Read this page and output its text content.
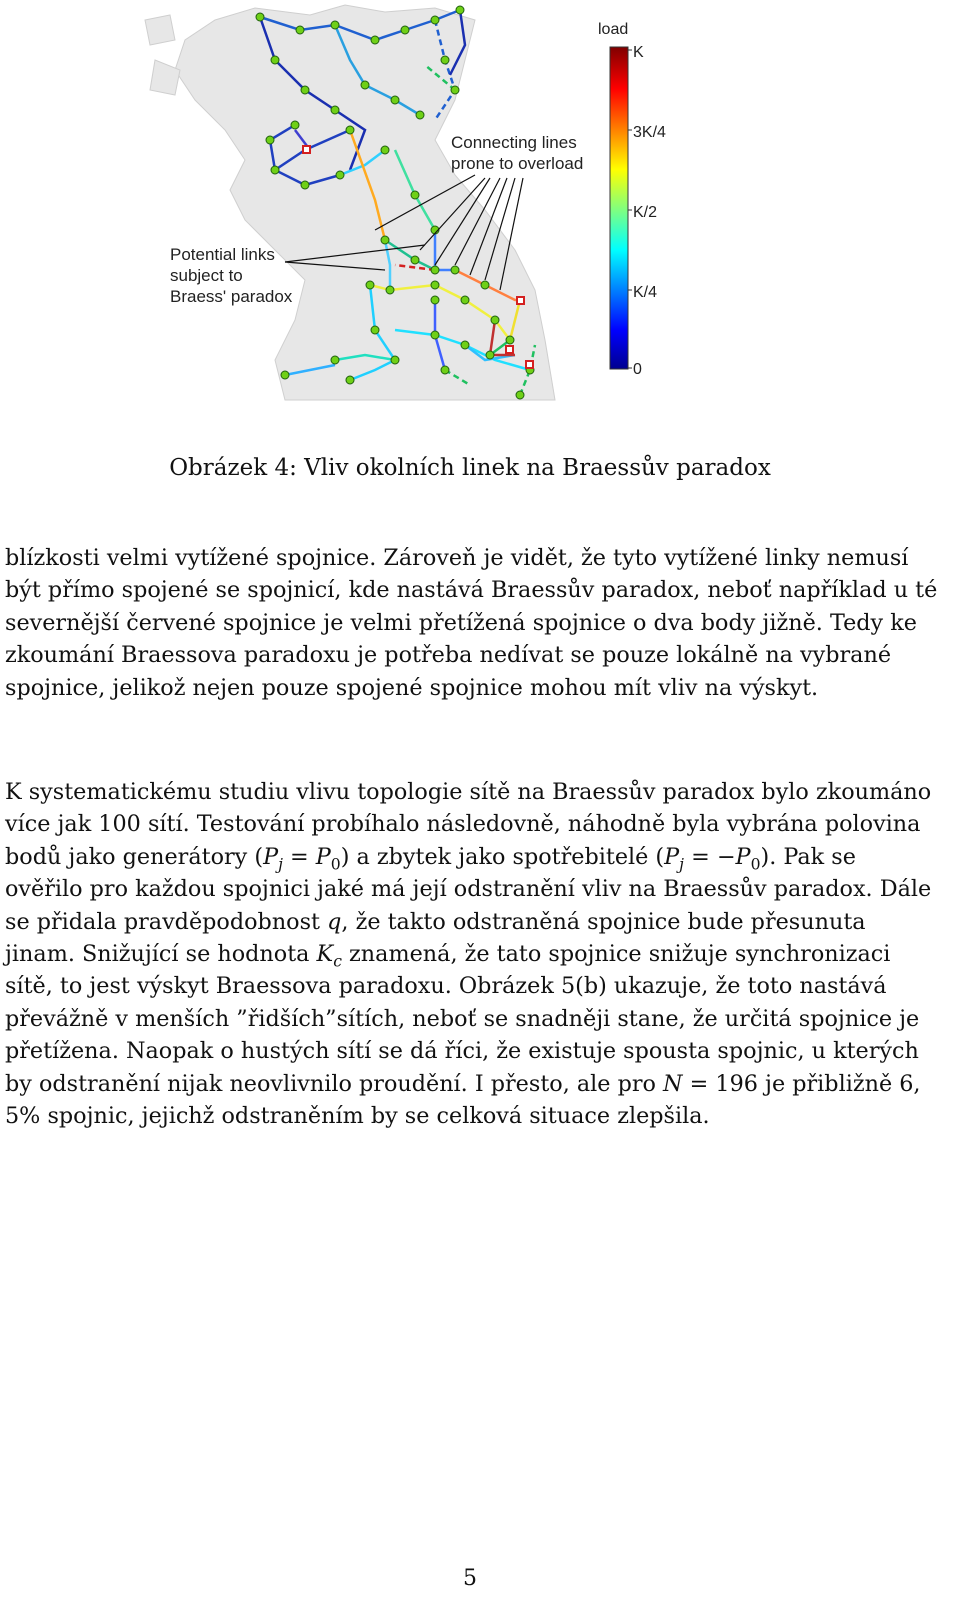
Connecting lines
prone to overload
Potential links
subject to
Braess' paradox
load
K
3K/4
K/2
K/4
0
Obrázek 4: Vliv okolních linek na Braessův paradox

blízkosti velmi vytížené spojnice. Zároveň je vidět, že tyto vytížené linky nemusí být přímo spojené se spojnicí, kde nastává Braessův paradox, neboť například u té severnější červené spojnice je velmi přetížená spojnice o dva body jižně. Tedy ke zkoumání Braessova paradoxu je potřeba nedívat se pouze lokálně na vybrané spojnice, jelikož nejen pouze spojené spojnice mohou mít vliv na výskyt.

K systematickému studiu vlivu topologie sítě na Braessův paradox bylo zkoumáno více jak 100 sítí. Testování probíhalo následovně, náhodně byla vybrána polovina bodů jako generátory $(P_j = P_0)$ a zbytek jako spotřebitelé $(P_j = -P_0)$. Pak se ověřilo pro každou spojnici jaké má její odstranění vliv na Braessův paradox. Dále se přidala pravděpodobnost q, že takto odstraněná spojnice bude přesunuta jinam. Snižující se hodnota $K_c$ znamená, že tato spojnice snižuje synchronizaci sítě, to jest výskyt Braessova paradoxu. Obrázek 5(b) ukazuje, že toto nastává převážně v menších ”řidších”sítích, neboť se snadněji stane, že určitá spojnice je přetížena. Naopak o hustých sítí se dá říci, že existuje spousta spojnic, u kterých by odstranění nijak neovlivnilo proudění. I přesto, ale pro N = 196 je přibližně 6, 5% spojnic, jejichž odstraněním by se celková situace zlepšila.

5
